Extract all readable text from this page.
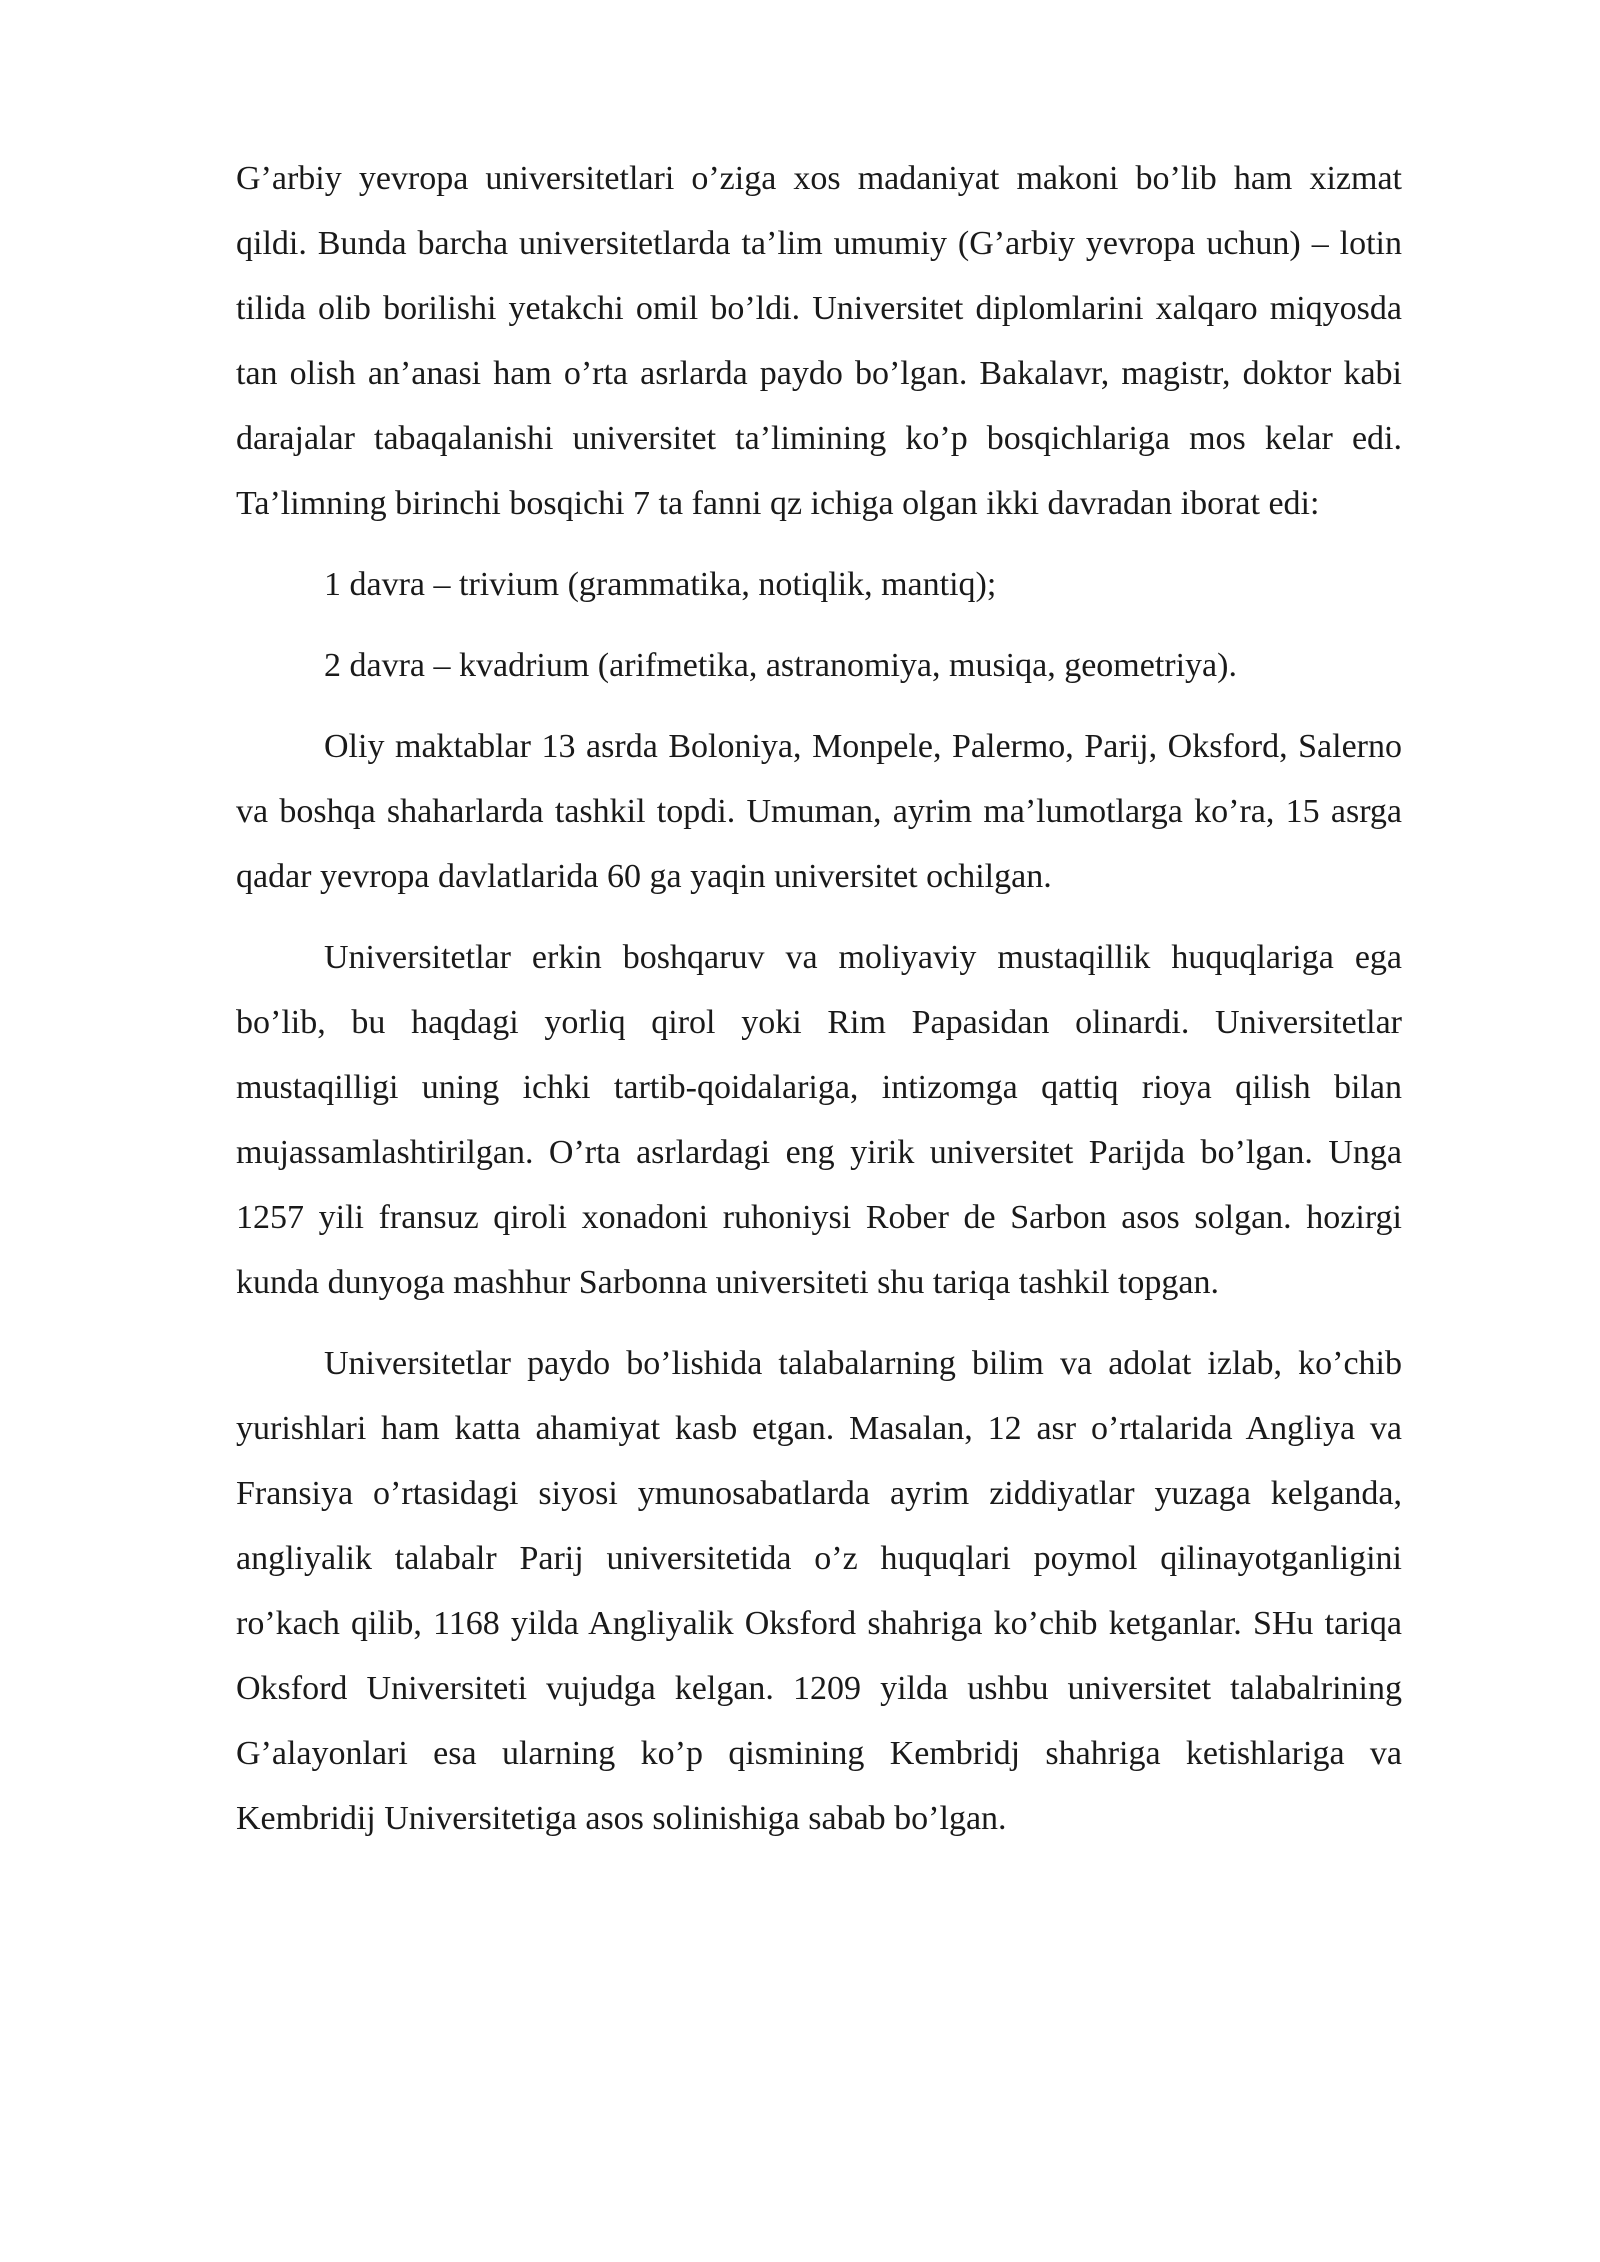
G’arbiy yevropa universitetlari o’ziga xos madaniyat makoni bo’lib ham xizmat qildi. Bunda barcha universitetlarda ta’lim umumiy (G’arbiy yevropa uchun) – lotin tilida olib borilishi yetakchi omil bo’ldi. Universitet diplomlarini xalqaro miqyosda tan olish an’anasi ham o’rta asrlarda paydo bo’lgan. Bakalavr, magistr, doktor kabi darajalar tabaqalanishi universitet ta’limining ko’p bosqichlariga mos kelar edi. Ta’limning birinchi bosqichi 7 ta fanni qz ichiga olgan ikki davradan iborat edi:

1 davra – trivium (grammatika, notiqlik, mantiq);

2 davra – kvadrium (arifmetika, astranomiya, musiqa, geometriya).

Oliy maktablar 13 asrda Boloniya, Monpele, Palermo, Parij, Oksford, Salerno va boshqa shaharlarda tashkil topdi. Umuman, ayrim ma’lumotlarga ko’ra, 15 asrga qadar yevropa davlatlarida 60 ga yaqin universitet ochilgan.

Universitetlar erkin boshqaruv va moliyaviy mustaqillik huquqlariga ega bo’lib, bu haqdagi yorliq qirol yoki Rim Papasidan olinardi. Universitetlar mustaqilligi uning ichki tartib-qoidalariga, intizomga qattiq rioya qilish bilan mujassamlashtirilgan. O’rta asrlardagi eng yirik universitet Parijda bo’lgan. Unga 1257 yili fransuz qiroli xonadoni ruhoniysi Rober de Sarbon asos solgan. hozirgi kunda dunyoga mashhur Sarbonna universiteti shu tariqa tashkil topgan.

Universitetlar paydo bo’lishida talabalarning bilim va adolat izlab, ko’chib yurishlari ham katta ahamiyat kasb etgan. Masalan, 12 asr o’rtalarida Angliya va Fransiya o’rtasidagi siyosi ymunosabatlarda ayrim ziddiyatlar yuzaga kelganda, angliyalik talabalr Parij universitetida o’z huquqlari poymol qilinayotganligini ro’kach qilib, 1168 yilda Angliyalik Oksford shahriga ko’chib ketganlar. SHu tariqa Oksford Universiteti vujudga kelgan. 1209 yilda ushbu universitet talabalrining G’alayonlari esa ularning ko’p qismining Kembridj shahriga ketishlariga va Kembridij Universitetiga asos solinishiga sabab bo’lgan.
